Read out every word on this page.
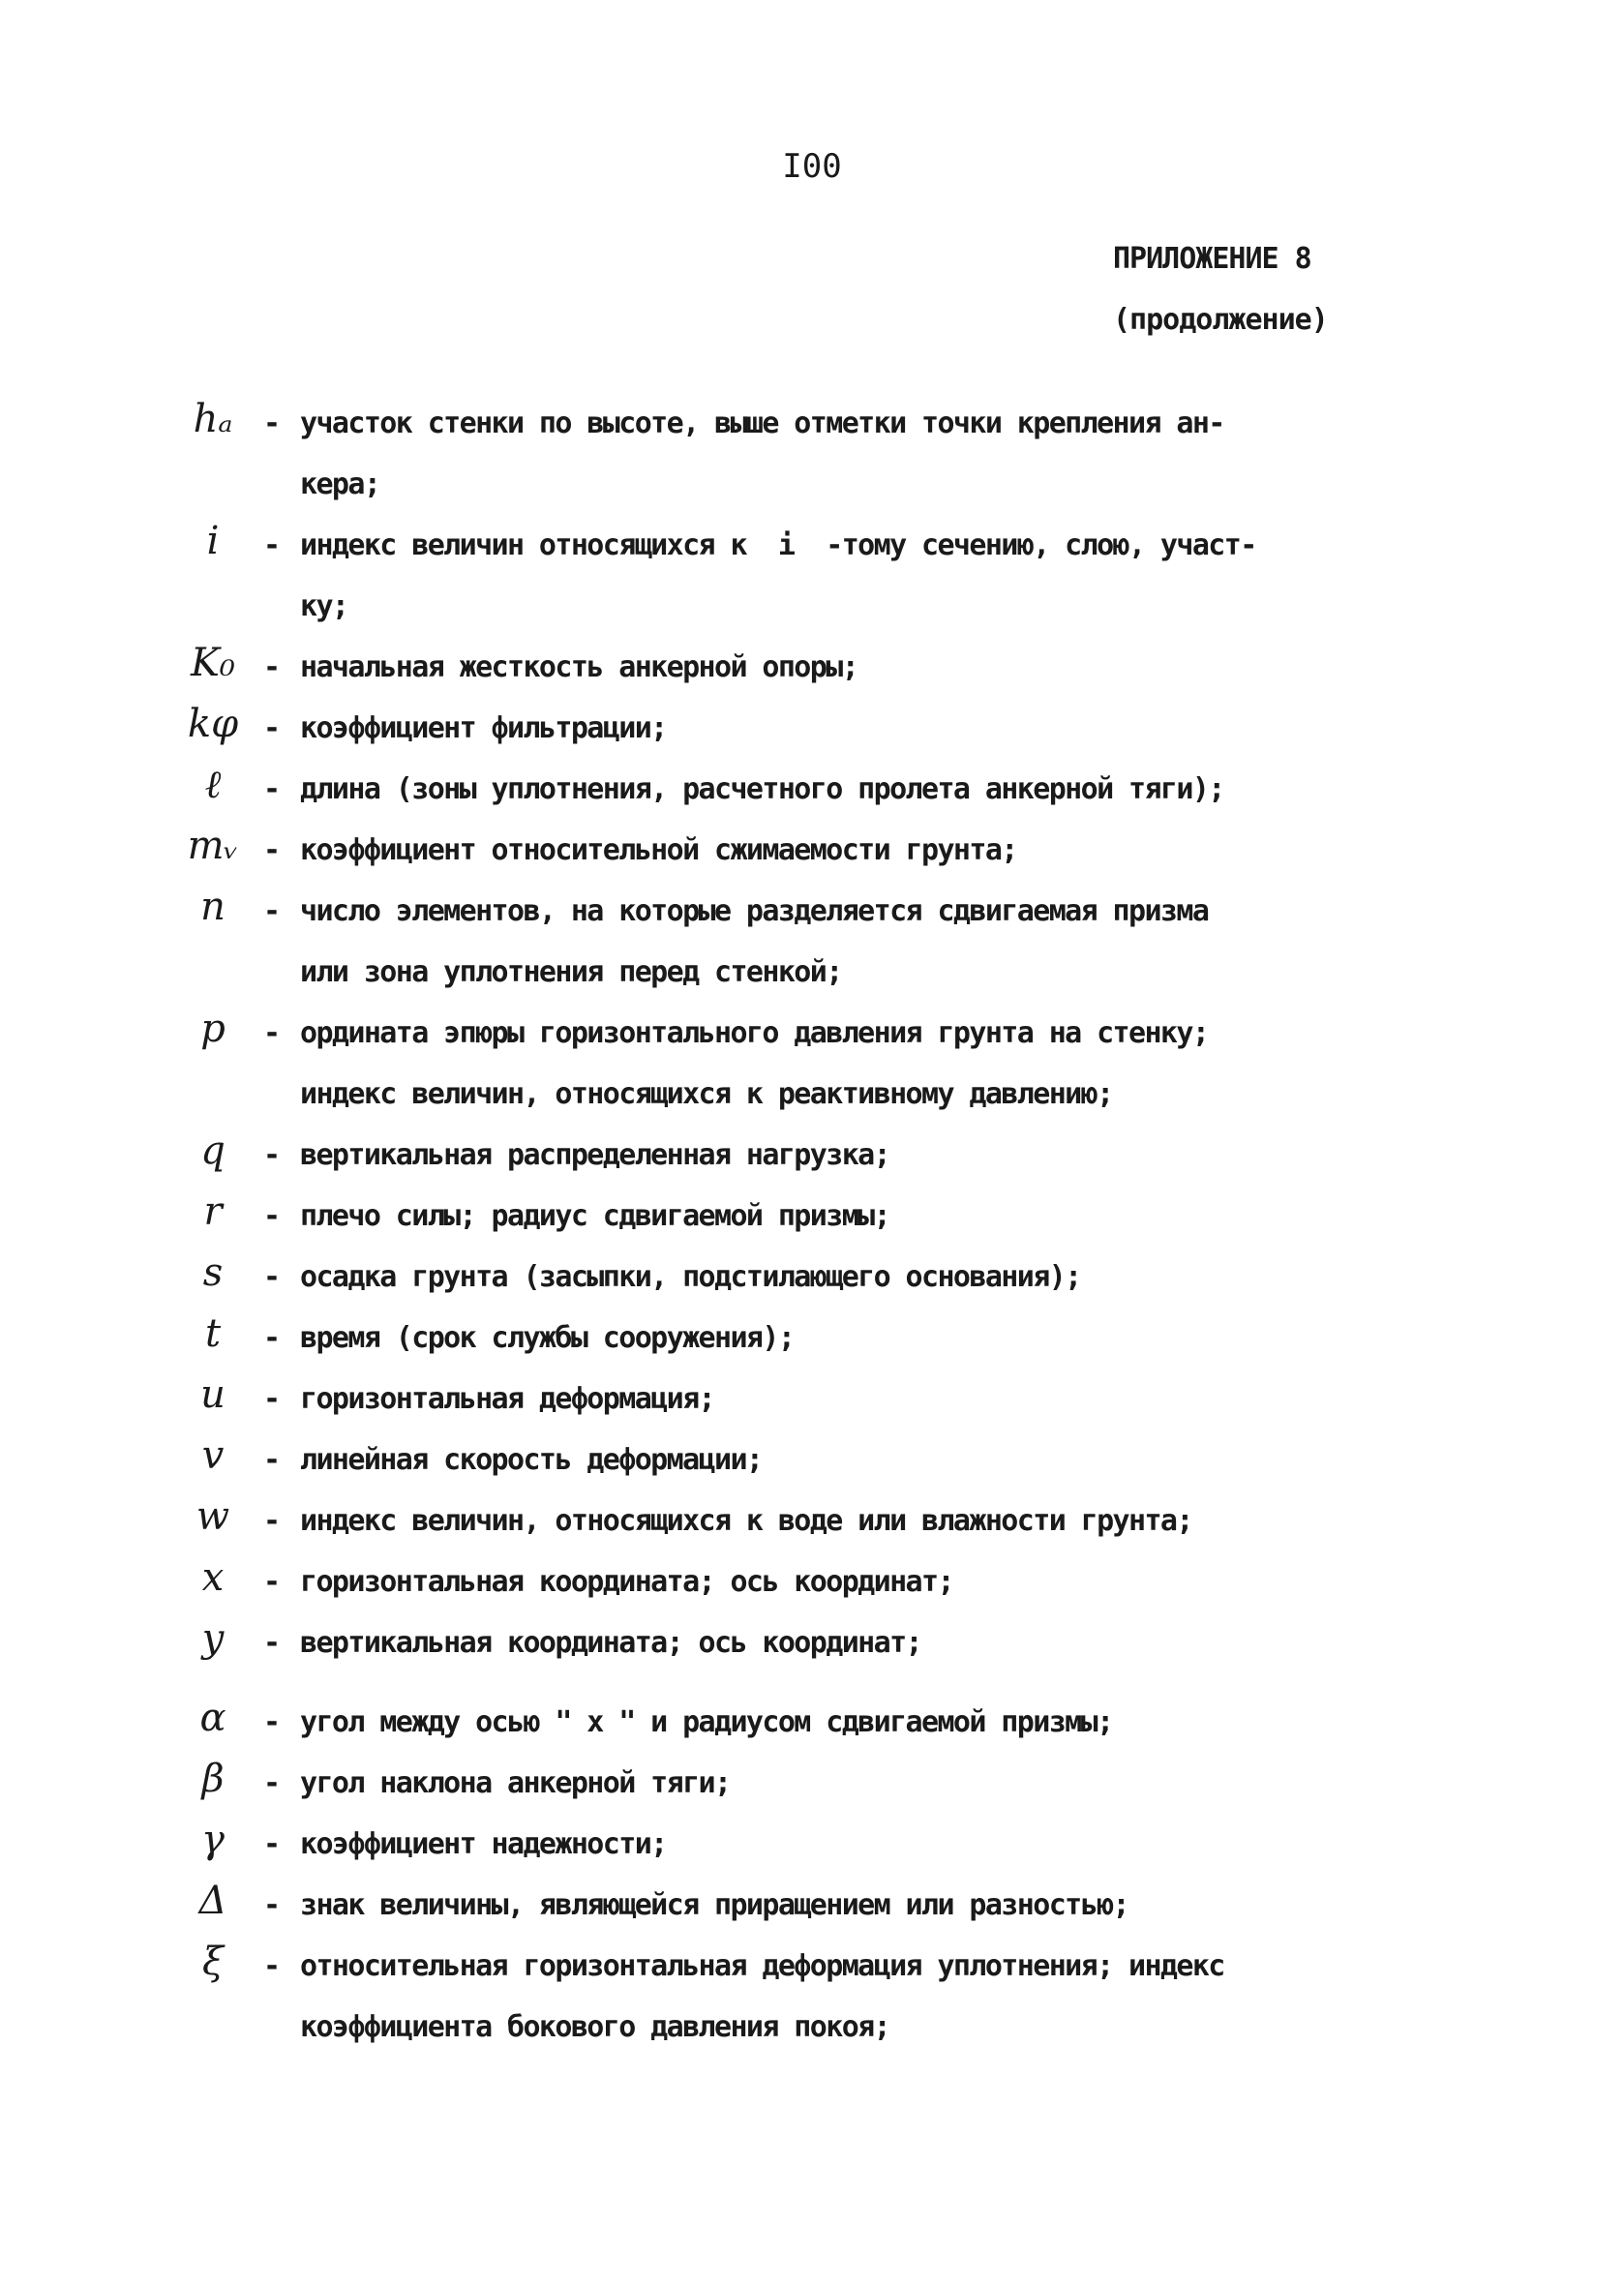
I00
ПРИЛОЖЕНИЕ 8
(продолжение)
hₐ	- участок стенки по высоте, выше отметки точки крепления ан-
кера;
i	- индекс величин относящихся к  i  -тому сечению, слою, участ-
ку;
K₀ - начальная жесткость анкерной опоры;
kφ - коэффициент фильтрации;
ℓ	- длина (зоны уплотнения, расчетного пролета анкерной тяги);
mᵥ - коэффициент относительной сжимаемости грунта;
n	- число элементов, на которые разделяется сдвигаемая призма
или зона уплотнения перед стенкой;
p	- ордината эпюры горизонтального давления грунта на стенку;
индекс величин, относящихся к реактивному давлению;
q	- вертикальная распределенная нагрузка;
r	- плечо силы; радиус сдвигаемой призмы;
s	- осадка грунта (засыпки, подстилающего основания);
t	- время (срок службы сооружения);
u	- горизонтальная деформация;
v	- линейная скорость деформации;
w	- индекс величин, относящихся к воде или влажности грунта;
x	- горизонтальная координата; ось координат;
y	- вертикальная координата; ось координат;
α	- угол между осью " x " и радиусом сдвигаемой призмы;
β	- угол наклона анкерной тяги;
γ	- коэффициент надежности;
Δ	- знак величины, являющейся приращением или разностью;
ξ	- относительная горизонтальная деформация уплотнения; индекс
коэффициента бокового давления покоя;
